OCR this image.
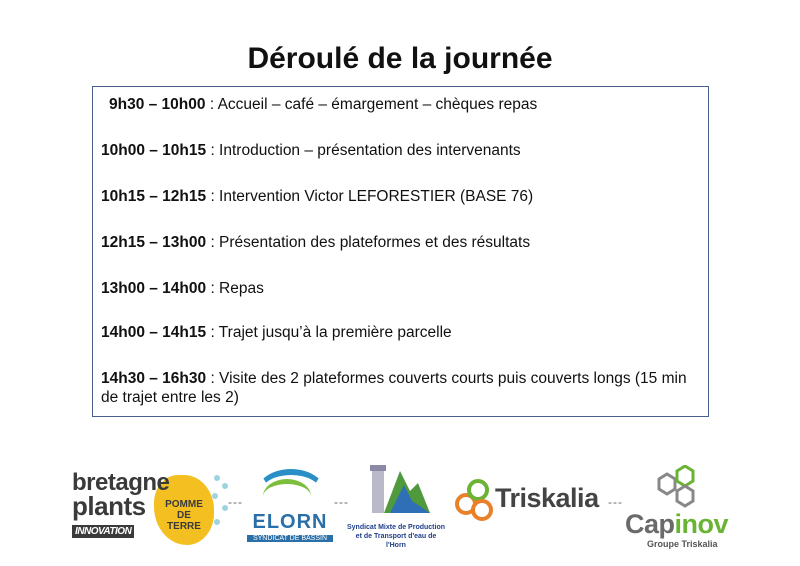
Déroulé de la journée
9h30 – 10h00 : Accueil – café – émargement – chèques repas
10h00 – 10h15 : Introduction – présentation des intervenants
10h15 – 12h15 : Intervention Victor LEFORESTIER (BASE 76)
12h15 – 13h00 : Présentation des plateformes et des résultats
13h00 – 14h00 : Repas
14h00 – 14h15 : Trajet jusqu’à la première parcelle
14h30 – 16h30 : Visite des 2 plateformes couverts courts puis couverts longs (15 min de trajet entre les 2)
POMME DE TERRE
bretagne
plants
INNOVATION
---
ELORN
SYNDICAT DE BASSIN
---
Syndicat Mixte de Production et de Transport d'eau de l'Horn
Triskalia ---
Capinov
Groupe Triskalia
